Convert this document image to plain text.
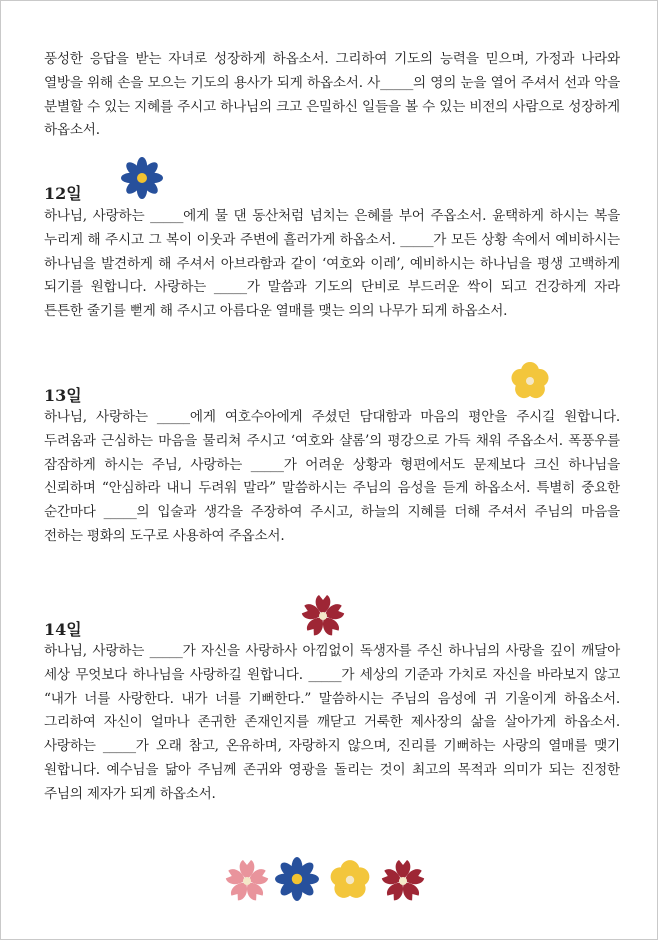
풍성한 응답을 받는 자녀로 성장하게 하옵소서. 그리하여 기도의 능력을 믿으며, 가정과 나라와 열방을 위해 손을 모으는 기도의 용사가 되게 하옵소서. 사_____의 영의 눈을 열어 주셔서 선과 악을 분별할 수 있는 지혜를 주시고 하나님의 크고 은밀하신 일들을 볼 수 있는 비전의 사람으로 성장하게 하옵소서.
12일
하나님, 사랑하는 _____에게 물 댄 동산처럼 넘치는 은혜를 부어 주옵소서. 윤택하게 하시는 복을 누리게 해 주시고 그 복이 이웃과 주변에 흘러가게 하옵소서. _____가 모든 상황 속에서 예비하시는 하나님을 발견하게 해 주셔서 아브라함과 같이 ‘여호와 이레’, 예비하시는 하나님을 평생 고백하게 되기를 원합니다. 사랑하는 _____가 말씀과 기도의 단비로 부드러운 싹이 되고 건강하게 자라 튼튼한 줄기를 뻗게 해 주시고 아름다운 열매를 맺는 의의 나무가 되게 하옵소서.
13일
하나님, 사랑하는 _____에게 여호수아에게 주셨던 담대함과 마음의 평안을 주시길 원합니다. 두려움과 근심하는 마음을 물리쳐 주시고 ‘여호와 샬롬’의 평강으로 가득 채워 주옵소서. 폭풍우를 잠잠하게 하시는 주님, 사랑하는 _____가 어려운 상황과 형편에서도 문제보다 크신 하나님을 신뢰하며 “안심하라 내니 두려워 말라” 말씀하시는 주님의 음성을 듣게 하옵소서. 특별히 중요한 순간마다 _____의 입술과 생각을 주장하여 주시고, 하늘의 지혜를 더해 주셔서 주님의 마음을 전하는 평화의 도구로 사용하여 주옵소서.
14일
하나님, 사랑하는 _____가 자신을 사랑하사 아낌없이 독생자를 주신 하나님의 사랑을 깊이 깨달아 세상 무엇보다 하나님을 사랑하길 원합니다. _____가 세상의 기준과 가치로 자신을 바라보지 않고 “내가 너를 사랑한다. 내가 너를 기뻐한다.” 말씀하시는 주님의 음성에 귀 기울이게 하옵소서. 그리하여 자신이 얼마나 존귀한 존재인지를 깨닫고 거룩한 제사장의 삶을 살아가게 하옵소서. 사랑하는 _____가 오래 참고, 온유하며, 자랑하지 않으며, 진리를 기뻐하는 사랑의 열매를 맺기 원합니다. 예수님을 닮아 주님께 존귀와 영광을 돌리는 것이 최고의 목적과 의미가 되는 진정한 주님의 제자가 되게 하옵소서.
